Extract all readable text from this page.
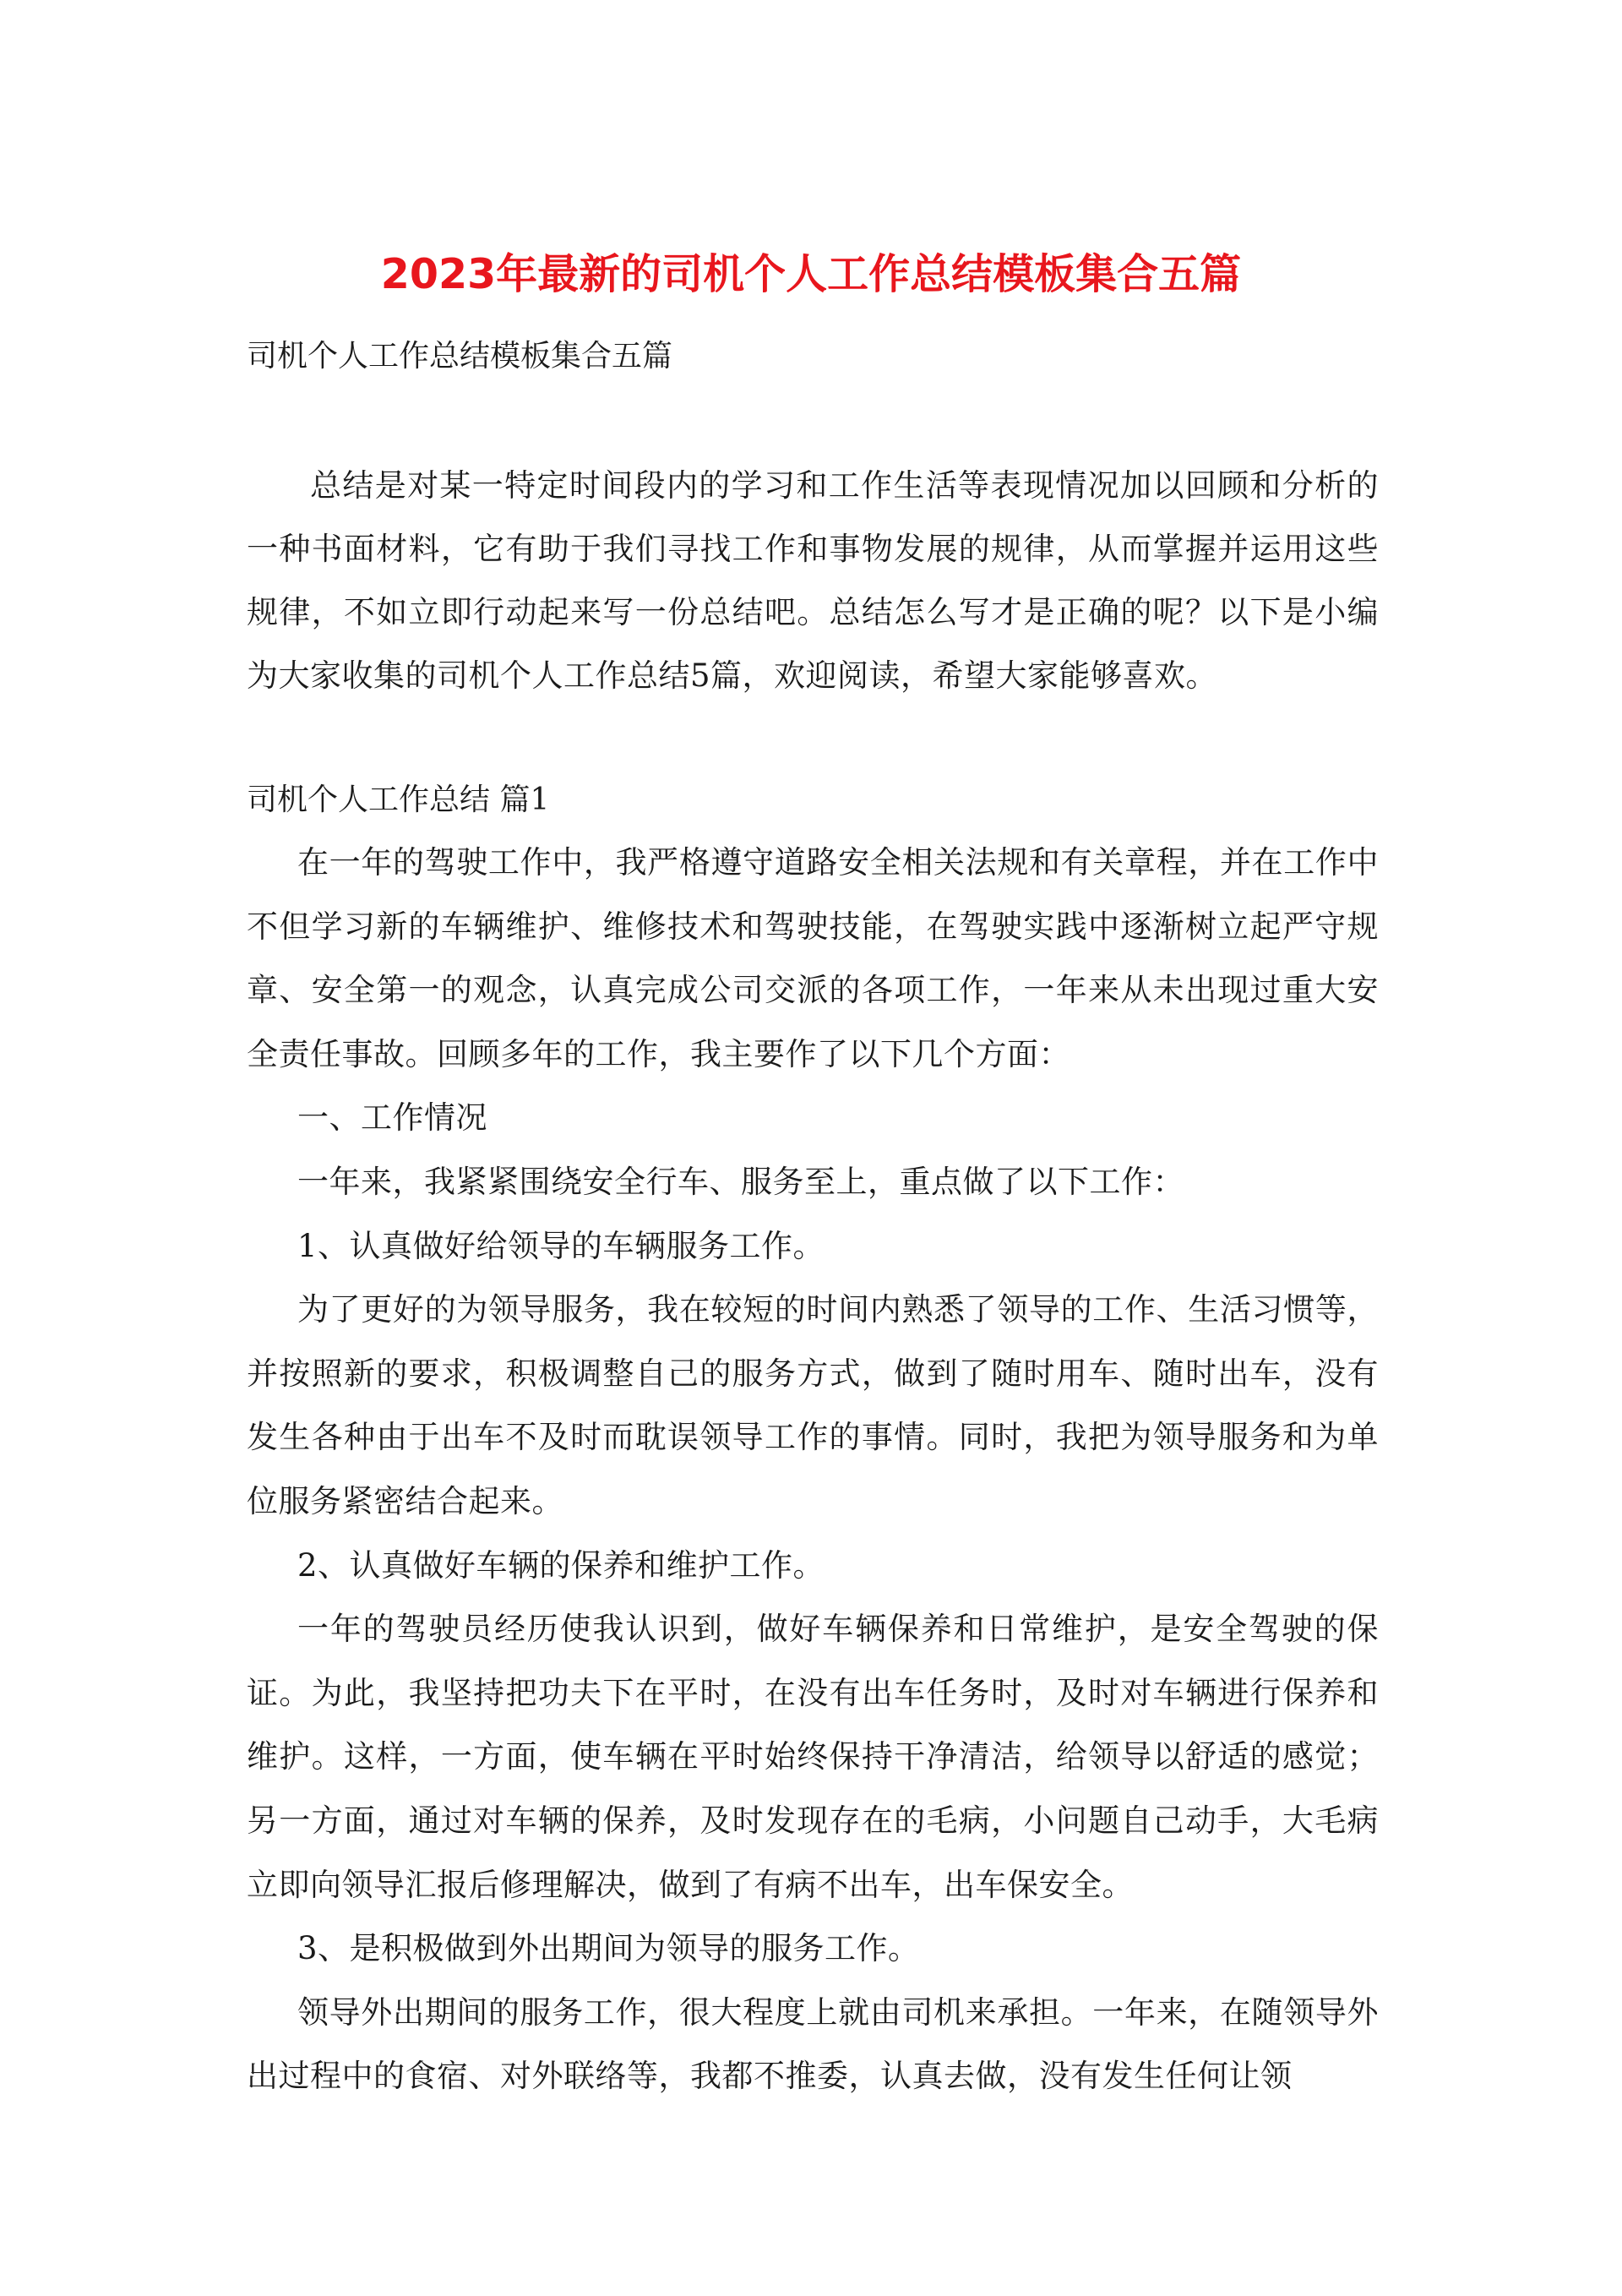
2023年最新的司机个人工作总结模板集合五篇
司机个人工作总结模板集合五篇

总结是对某一特定时间段内的学习和工作生活等表现情况加以回顾和分析的一种书面材料，它有助于我们寻找工作和事物发展的规律，从而掌握并运用这些规律，不如立即行动起来写一份总结吧。总结怎么写才是正确的呢？以下是小编为大家收集的司机个人工作总结5篇，欢迎阅读，希望大家能够喜欢。

司机个人工作总结 篇1

在一年的驾驶工作中，我严格遵守道路安全相关法规和有关章程，并在工作中不但学习新的车辆维护、维修技术和驾驶技能，在驾驶实践中逐渐树立起严守规章、安全第一的观念，认真完成公司交派的各项工作，一年来从未出现过重大安全责任事故。回顾多年的工作，我主要作了以下几个方面：

一、工作情况

一年来，我紧紧围绕安全行车、服务至上，重点做了以下工作：

1、认真做好给领导的车辆服务工作。

为了更好的为领导服务，我在较短的时间内熟悉了领导的工作、生活习惯等，并按照新的要求，积极调整自己的服务方式，做到了随时用车、随时出车，没有发生各种由于出车不及时而耽误领导工作的事情。同时，我把为领导服务和为单位服务紧密结合起来。

2、认真做好车辆的保养和维护工作。

一年的驾驶员经历使我认识到，做好车辆保养和日常维护，是安全驾驶的保证。为此，我坚持把功夫下在平时，在没有出车任务时，及时对车辆进行保养和维护。这样，一方面，使车辆在平时始终保持干净清洁，给领导以舒适的感觉；另一方面，通过对车辆的保养，及时发现存在的毛病，小问题自己动手，大毛病立即向领导汇报后修理解决，做到了有病不出车，出车保安全。

3、是积极做到外出期间为领导的服务工作。

领导外出期间的服务工作，很大程度上就由司机来承担。一年来，在随领导外出过程中的食宿、对外联络等，我都不推委，认真去做，没有发生任何让领
